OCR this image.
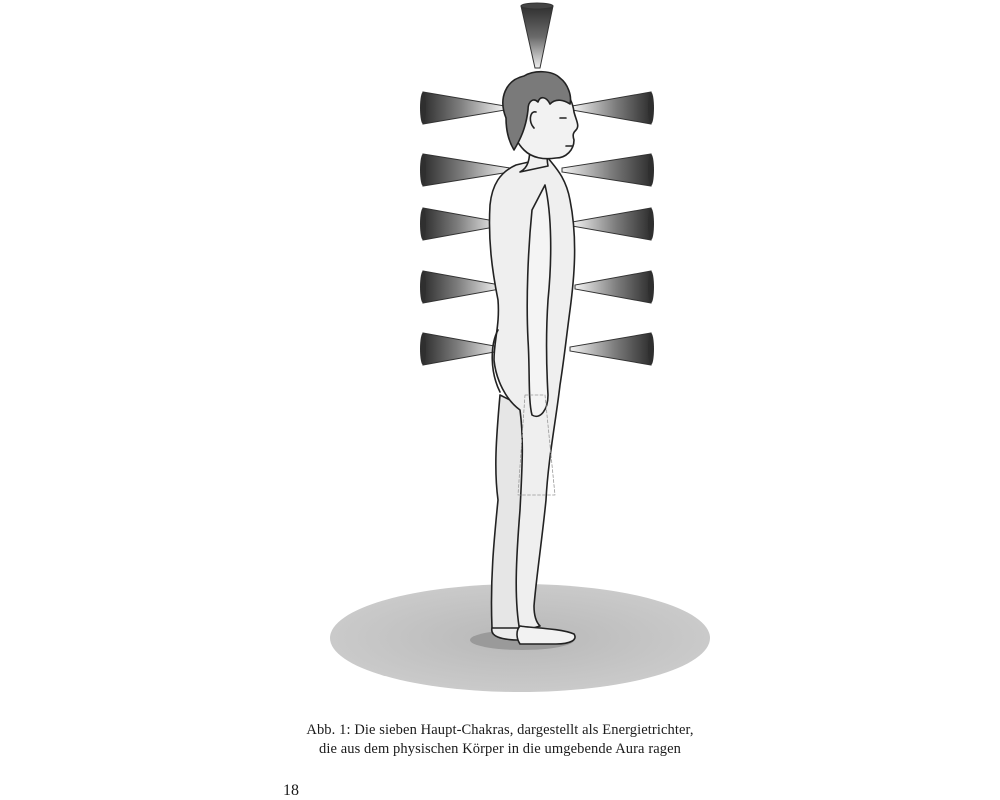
Abb. 1: Die sieben Haupt-Chakras, dargestellt als Energietrichter,
die aus dem physischen Körper in die umgebende Aura ragen
18
